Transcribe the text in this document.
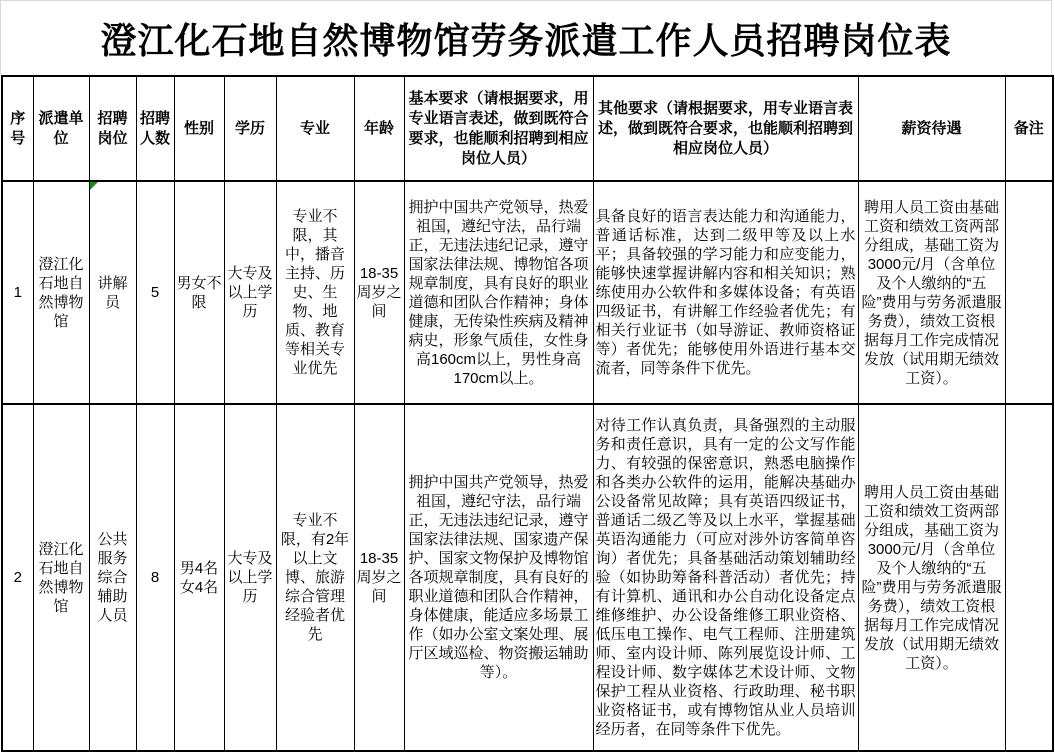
澄江化石地自然博物馆劳务派遣工作人员招聘岗位表
序号	派遣单位	招聘岗位	招聘人数	性别	学历	专业	年龄	基本要求（请根据要求，用专业语言表述，做到既符合要求，也能顺利招聘到相应岗位人员）	其他要求（请根据要求，用专业语言表述，做到既符合要求，也能顺利招聘到相应岗位人员）	薪资待遇	备注
1	澄江化石地自然博物馆	讲解员	5	男女不限	大专及以上学历	专业不限，其中，播音主持、历史、生物、地质、教育等相关专业优先	18-35周岁之间	拥护中国共产党领导，热爱祖国，遵纪守法，品行端正，无违法违纪记录，遵守国家法律法规、博物馆各项规章制度，具有良好的职业道德和团队合作精神；身体健康，无传染性疾病及精神病史，形象气质佳，女性身高160cm以上，男性身高170cm以上。	具备良好的语言表达能力和沟通能力，普通话标准，达到二级甲等及以上水平；具备较强的学习能力和应变能力，能够快速掌握讲解内容和相关知识；熟练使用办公软件和多媒体设备；有英语四级证书，有讲解工作经验者优先；有相关行业证书（如导游证、教师资格证等）者优先；能够使用外语进行基本交流者，同等条件下优先。	聘用人员工资由基础工资和绩效工资两部分组成，基础工资为3000元/月（含单位及个人缴纳的“五险”费用与劳务派遣服务费），绩效工资根据每月工作完成情况发放（试用期无绩效工资）。	
2	澄江化石地自然博物馆	公共服务综合辅助人员	8	男4名女4名	大专及以上学历	专业不限，有2年以上文博、旅游综合管理经验者优先	18-35周岁之间	拥护中国共产党领导，热爱祖国，遵纪守法，品行端正，无违法违纪记录，遵守国家法律法规、国家遗产保护、国家文物保护及博物馆各项规章制度，具有良好的职业道德和团队合作精神，身体健康，能适应多场景工作（如办公室文案处理、展厅区域巡检、物资搬运辅助等）。	对待工作认真负责，具备强烈的主动服务和责任意识，具有一定的公文写作能力、有较强的保密意识，熟悉电脑操作和各类办公软件的运用，能解决基础办公设备常见故障；具有英语四级证书，普通话二级乙等及以上水平，掌握基础英语沟通能力（可应对涉外访客简单咨询）者优先；具备基础活动策划辅助经验（如协助筹备科普活动）者优先；持有计算机、通讯和办公自动化设备定点维修维护、办公设备维修工职业资格、低压电工操作、电气工程师、注册建筑师、室内设计师、陈列展览设计师、工程设计师、数字媒体艺术设计师、文物保护工程从业资格、行政助理、秘书职业资格证书，或有博物馆从业人员培训经历者，在同等条件下优先。	聘用人员工资由基础工资和绩效工资两部分组成，基础工资为3000元/月（含单位及个人缴纳的“五险”费用与劳务派遣服务费），绩效工资根据每月工作完成情况发放（试用期无绩效工资）。	
